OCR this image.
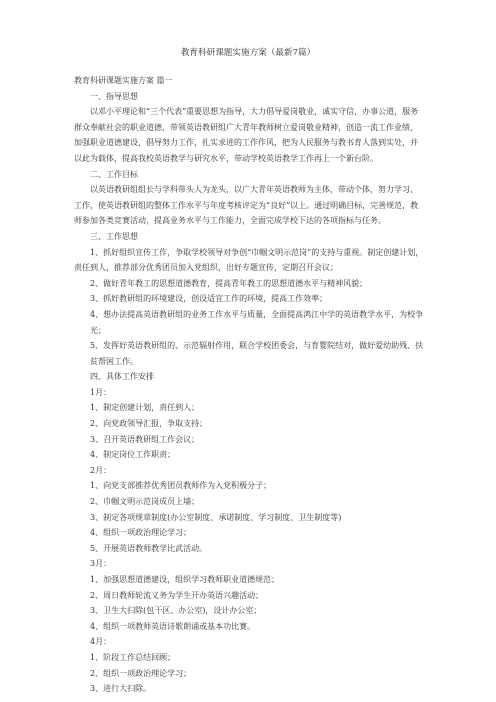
教育科研课题实施方案（最新7篇）

教育科研课题实施方案 篇一

一、指导思想

以邓小平理论和“三个代表”重要思想为指导，大力倡导爱岗敬业，诚实守信，办事公道，服务群众奉献社会的职业道德，带领英语教研组广大青年教师树立爱岗敬业精神，创造一流工作业绩，加强职业道德建设，倡导努力工作，扎实求进的工作作风，把为人民服务与教书育人落到实处，并以此为载体，提高我校英语教学与研究水平，带动学校英语教学工作再上一个新台阶。

二、工作目标

以英语教研组组长与学科带头人为龙头，以广大青年英语教师为主体，带动个体，努力学习、工作，使英语教研组的整体工作水平与年度考核评定为“良好”以上。通过明确目标，完善规范，教师参加各类竞赛活动，提高业务水平与工作能力，全面完成学校下达的各项指标与任务。

三、工作思想

1、抓好组织宣传工作，争取学校领导对争创“巾帼文明示范岗”的支持与重视。制定创建计划，责任到人，推荐部分优秀团员加入党组织，出好专题宣传，定期召开会议；

2、做好青年教工的思想道德教育，提高青年教工的思想道德水平与精神风貌；

3、抓好教研组的环境建设，创设适宜工作的环境，提高工作效率；

4、想办法提高英语教研组的业务工作水平与质量，全面提高鸿江中学的英语教学水平，为校争光；

5、发挥好英语教研组的、示范辐射作用，联合学校团委会，与育婴院结对，做好爱幼助残、扶贫帮困工作。

四、具体工作安排

1月：

1、制定创建计划，责任到人；

2、向党政领导汇报，争取支持；

3、召开英语教研组工作会议；

4、制定岗位工作职责；

2月：

1、向党支部推荐优秀团员教师作为入党积极分子；

2、巾帼文明示范岗成员上墙；

3、制定各项规章制度(办公室制度、承诺制度、学习制度、卫生制度等)

4、组织一项政治理论学习；

5、开展英语教师教学比武活动。

3月：

1、加强思想道德建设，组织学习教师职业道德规范；

2、周日教师轮流义务为学生开办英语兴趣活动；

3、卫生大扫除(包干区、办公室)，设计办公室；

4、组织一项教师英语诗歌朗诵或基本功比赛。

4月：

1、阶段工作总结回顾；

2、组织一项政治理论学习；

3、进行大扫除。
